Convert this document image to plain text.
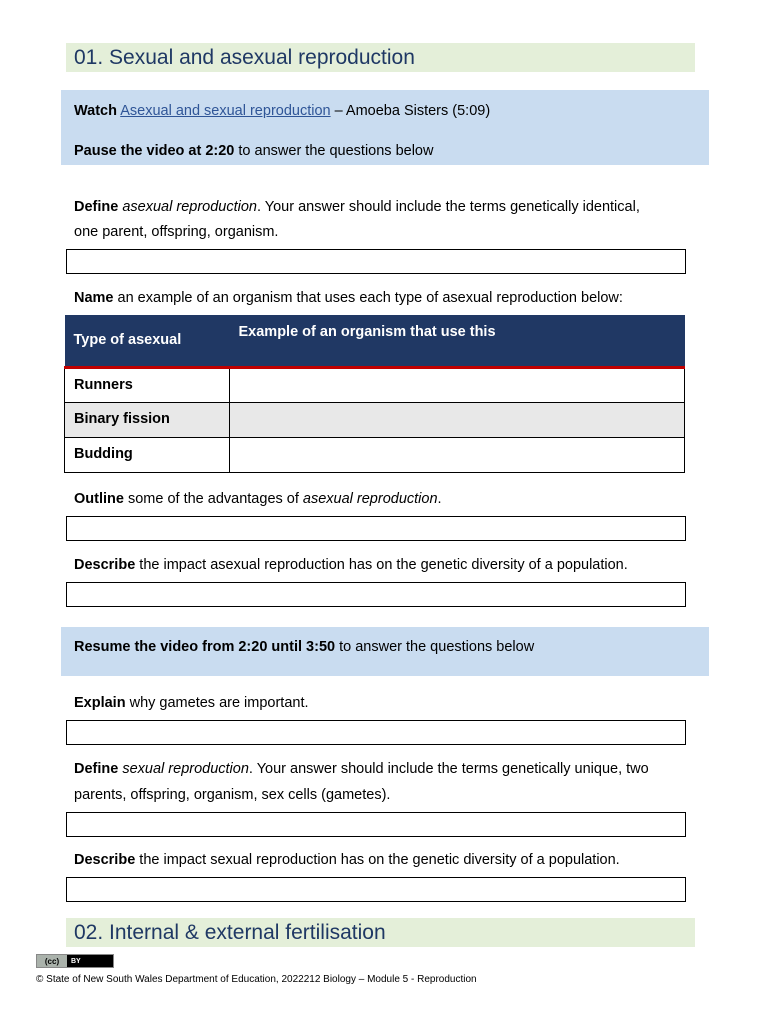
01. Sexual and asexual reproduction
Watch Asexual and sexual reproduction – Amoeba Sisters (5:09)
Pause the video at 2:20 to answer the questions below
Define asexual reproduction. Your answer should include the terms genetically identical,
one parent, offspring, organism.
Name an example of an organism that uses each type of asexual reproduction below:
Type of asexual	Example of an organism that use this
Runners	
Binary fission	
Budding	
Outline some of the advantages of asexual reproduction.
Describe the impact asexual reproduction has on the genetic diversity of a population.
Resume the video from 2:20 until 3:50 to answer the questions below
Explain why gametes are important.
Define sexual reproduction. Your answer should include the terms genetically unique, two
parents, offspring, organism, sex cells (gametes).
Describe the impact sexual reproduction has on the genetic diversity of a population.
02. Internal & external fertilisation
(cc)	BY
© State of New South Wales Department of Education, 2022212 Biology – Module 5 - Reproduction
